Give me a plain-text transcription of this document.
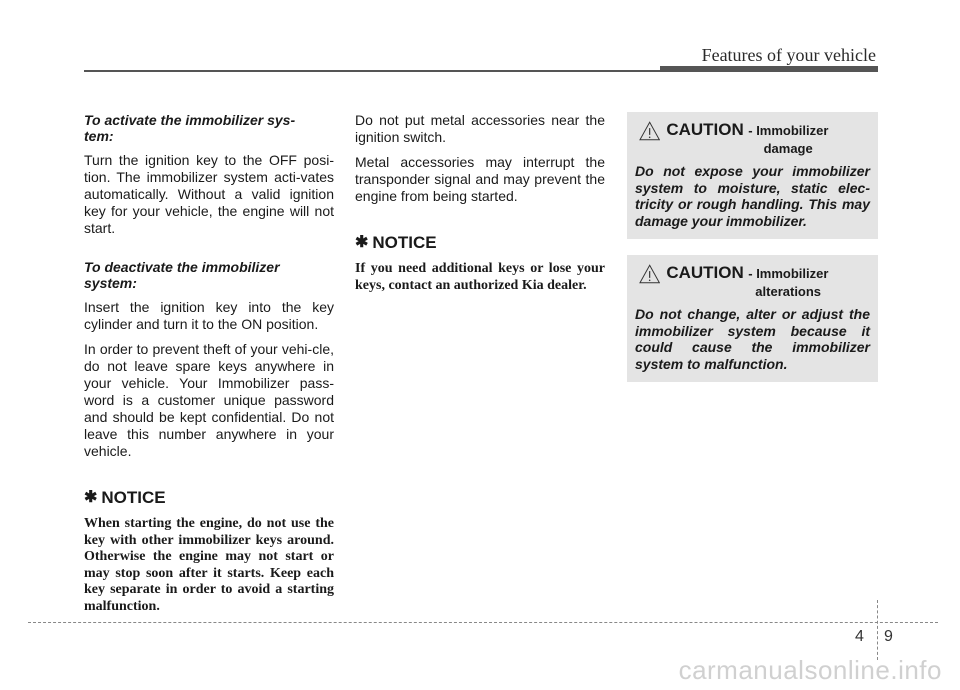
Features of your vehicle

To activate the immobilizer sys-tem:

Turn the ignition key to the OFF posi-tion. The immobilizer system acti-vates automatically. Without a valid ignition key for your vehicle, the engine will not start.

To deactivate the immobilizer system:

Insert the ignition key into the key cylinder and turn it to the ON position.

In order to prevent theft of your vehi-cle, do not leave spare keys anywhere in your vehicle. Your Immobilizer pass-word is a customer unique password and should be kept confidential. Do not leave this number anywhere in your vehicle.

✱ NOTICE

When starting the engine, do not use the key with other immobilizer keys around. Otherwise the engine may not start or may stop soon after it starts. Keep each key separate in order to avoid a starting malfunction.

Do not put metal accessories near the ignition switch.

Metal accessories may interrupt the transponder signal and may prevent the engine from being started.

✱ NOTICE

If you need additional keys or lose your keys, contact an authorized Kia dealer.

CAUTION - Immobilizer
damage

Do not expose your immobilizer system to moisture, static elec-tricity or rough handling. This may damage your immobilizer.

CAUTION - Immobilizer
alterations

Do not change, alter or adjust the immobilizer system because it could cause the immobilizer system to malfunction.

4 9
carmanualsonline.info
